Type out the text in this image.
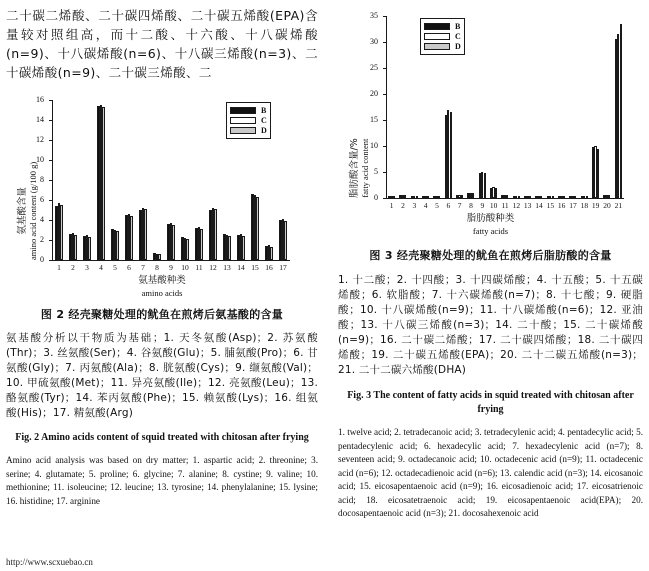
二十碳二烯酸、二十碳四烯酸、二十碳五烯酸(EPA)含量较对照组高，而十二酸、十六酸、十八碳烯酸(n=9)、十八碳烯酸(n=6)、十八碳三烯酸(n=3)、二十碳烯酸(n=9)、二十碳三烯酸、二
0
2
4
6
8
10
12
14
16
1	2	3	4	5	6	7	8	9	10 11 12 13 14 15 16 17
氨基酸含量 amino acid content (g/100 g)
氨基酸种类
amino acids
B
C
D
图 2 经壳聚糖处理的鱿鱼在煎烤后氨基酸的含量
氨基酸分析以干物质为基础；1. 天冬氨酸(Asp)；2. 苏氨酸(Thr)；3. 丝氨酸(Ser)；4. 谷氨酸(Glu)；5. 脯氨酸(Pro)；6. 甘氨酸(Gly)；7. 丙氨酸(Ala)；8. 胱氨酸(Cys)；9. 缬氨酸(Val)；10. 甲硫氨酸(Met)；11. 异亮氨酸(Ile)；12. 亮氨酸(Leu)；13. 酪氨酸(Tyr)；14. 苯丙氨酸(Phe)；15. 赖氨酸(Lys)；16. 组氨酸(His)；17. 精氨酸(Arg)
Fig. 2 Amino acids content of squid treated with chitosan after frying
Amino acid analysis was based on dry matter; 1. aspartic acid; 2. threonine; 3. serine; 4. glutamate; 5. proline; 6. glycine; 7. alanine; 8. cystine; 9. valine; 10. methionine; 11. isoleucine; 12. leucine; 13. tyrosine; 14. phenylalanine; 15. lysine; 16. histidine; 17. arginine
0
5
10
15
20
25
30
35
1	2	3	4	5	6	7	8	9 10 11 12 13 14 15 16 17 18 19 20 21
脂肪酸含量/% fatty acid content
脂肪酸种类
fatty acids
B
C
D
图 3 经壳聚糖处理的鱿鱼在煎烤后脂肪酸的含量
1. 十二酸；2. 十四酸；3. 十四碳烯酸；4. 十五酸；5. 十五碳烯酸；6. 软脂酸；7. 十六碳烯酸(n=7)；8. 十七酸；9. 硬脂酸；10. 十八碳烯酸(n=9)；11. 十八碳烯酸(n=6)；12. 亚油酸；13. 十八碳三烯酸(n=3)；14. 二十酸；15. 二十碳烯酸(n=9)；16. 二十碳二烯酸；17. 二十碳四烯酸；18. 二十碳四烯酸；19. 二十碳五烯酸(EPA)；20. 二十二碳五烯酸(n=3)；21. 二十二碳六烯酸(DHA)
Fig. 3 The content of fatty acids in squid treated with chitosan after frying
1. twelve acid; 2. tetradecanoic acid; 3. tetradecylenic acid; 4. pentadecylic acid; 5. pentadecylenic acid; 6. hexadecylic acid; 7. hexadecylenic acid (n=7); 8. seventeen acid; 9. octadecanoic acid; 10. octadecenic acid (n=9); 11. octadecenic acid (n=6); 12. octadecadienoic acid (n=6); 13. calendic acid (n=3); 14. eicosanoic acid; 15. eicosapentaenoic acid (n=9); 16. eicosadienoic acid; 17. eicosatrienoic acid; 18. eicosatetraenoic acid; 19. eicosapentaenoic acid(EPA); 20. docosapentaenoic acid (n=3); 21. docosahexenoic acid
http://www.scxuebao.cn
